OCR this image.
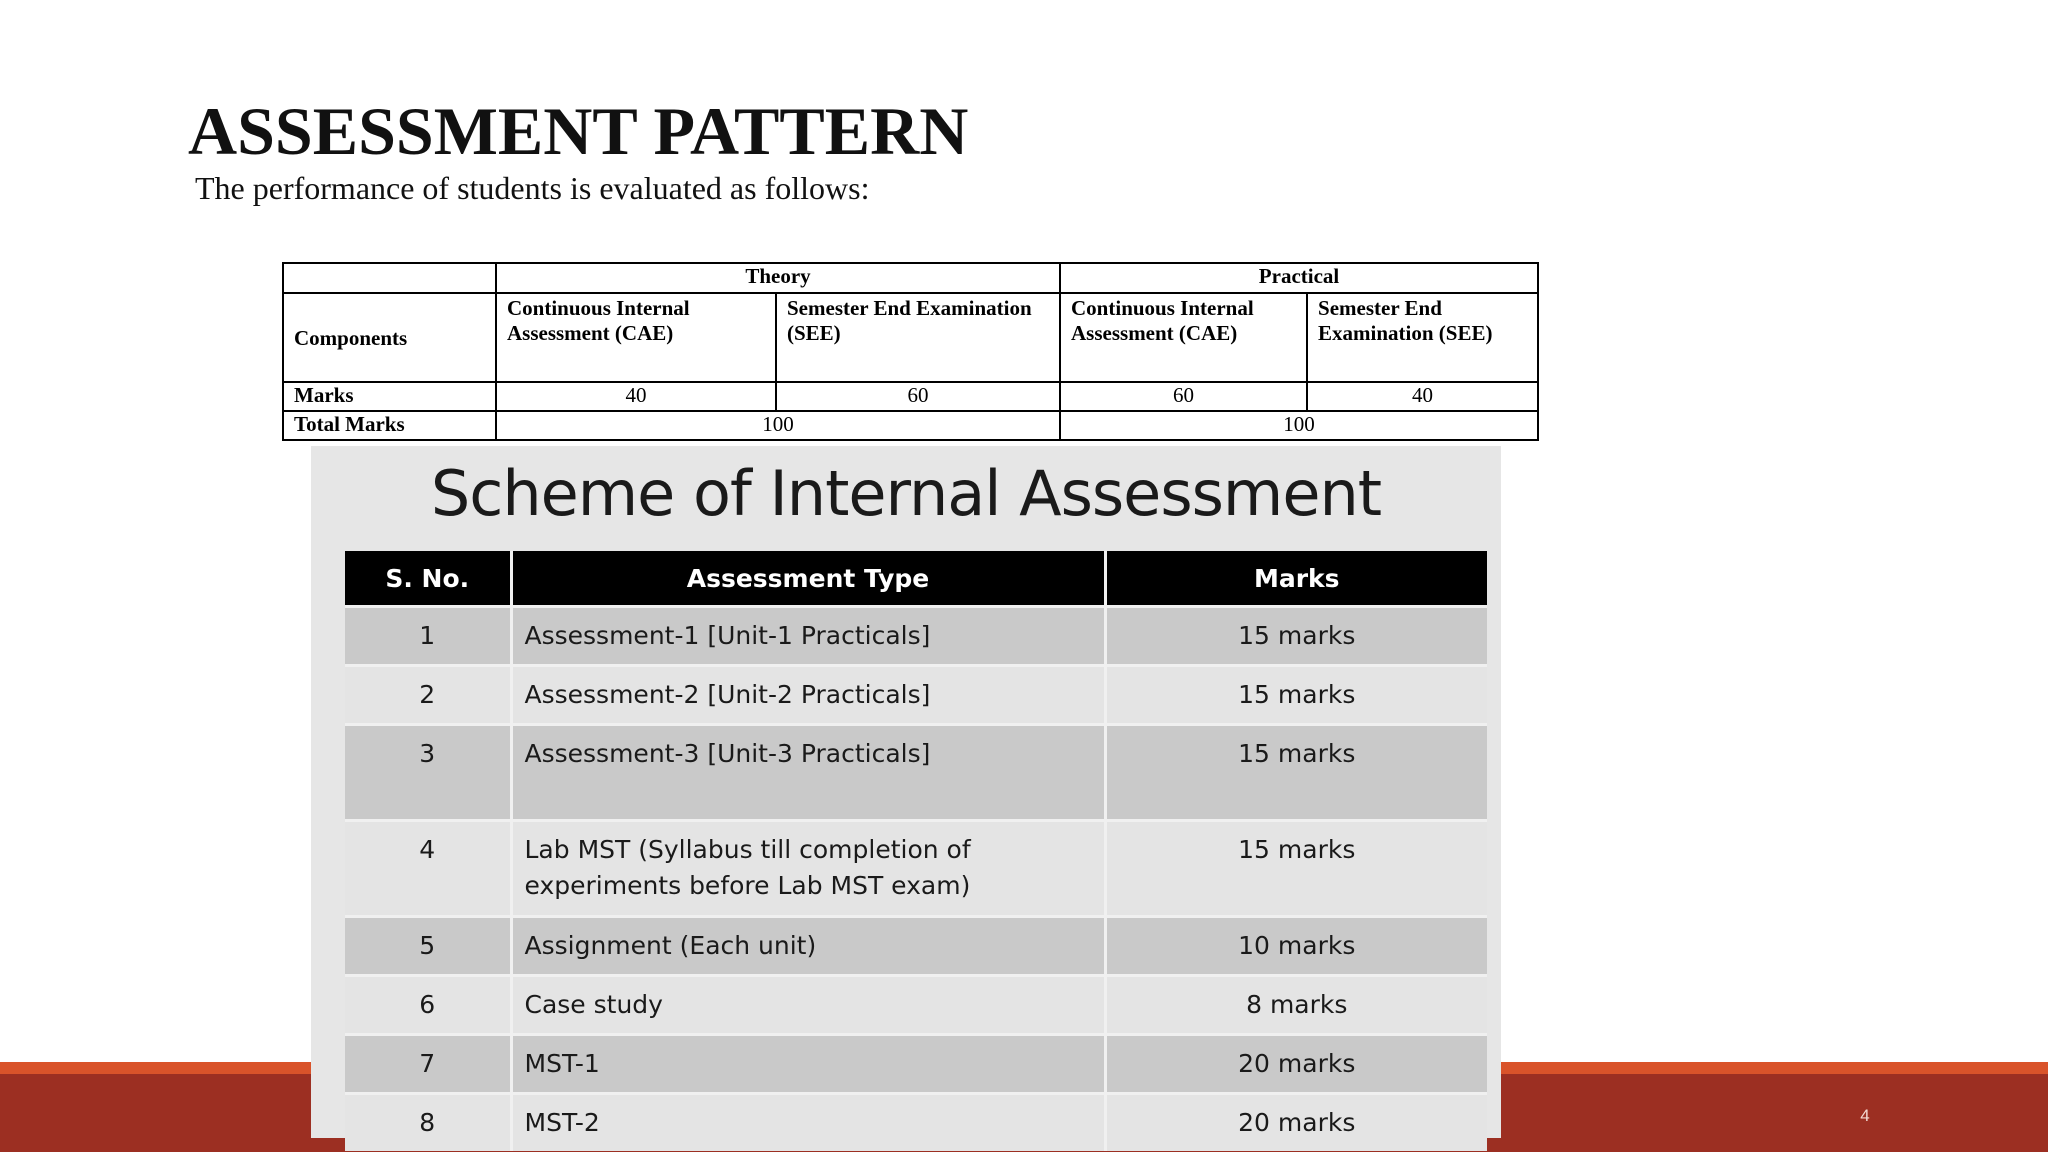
4
ASSESSMENT PATTERN
The performance of students is evaluated as follows:
	Theory		Practical	
Components	Continuous Internal Assessment (CAE)	Semester End Examination (SEE)	Continuous Internal Assessment (CAE)	Semester End Examination (SEE)
Marks	40	60	60	40
Total Marks	100		100	
Scheme of Internal Assessment
S. No.	Assessment Type	Marks
1	Assessment-1 [Unit-1 Practicals]	15 marks
2	Assessment-2 [Unit-2 Practicals]	15 marks
3	Assessment-3 [Unit-3 Practicals]	15 marks
4	Lab MST (Syllabus till completion of experiments before Lab MST exam)	15 marks
5	Assignment (Each unit)	10 marks
6	Case study	8 marks
7	MST-1	20 marks
8	MST-2	20 marks
